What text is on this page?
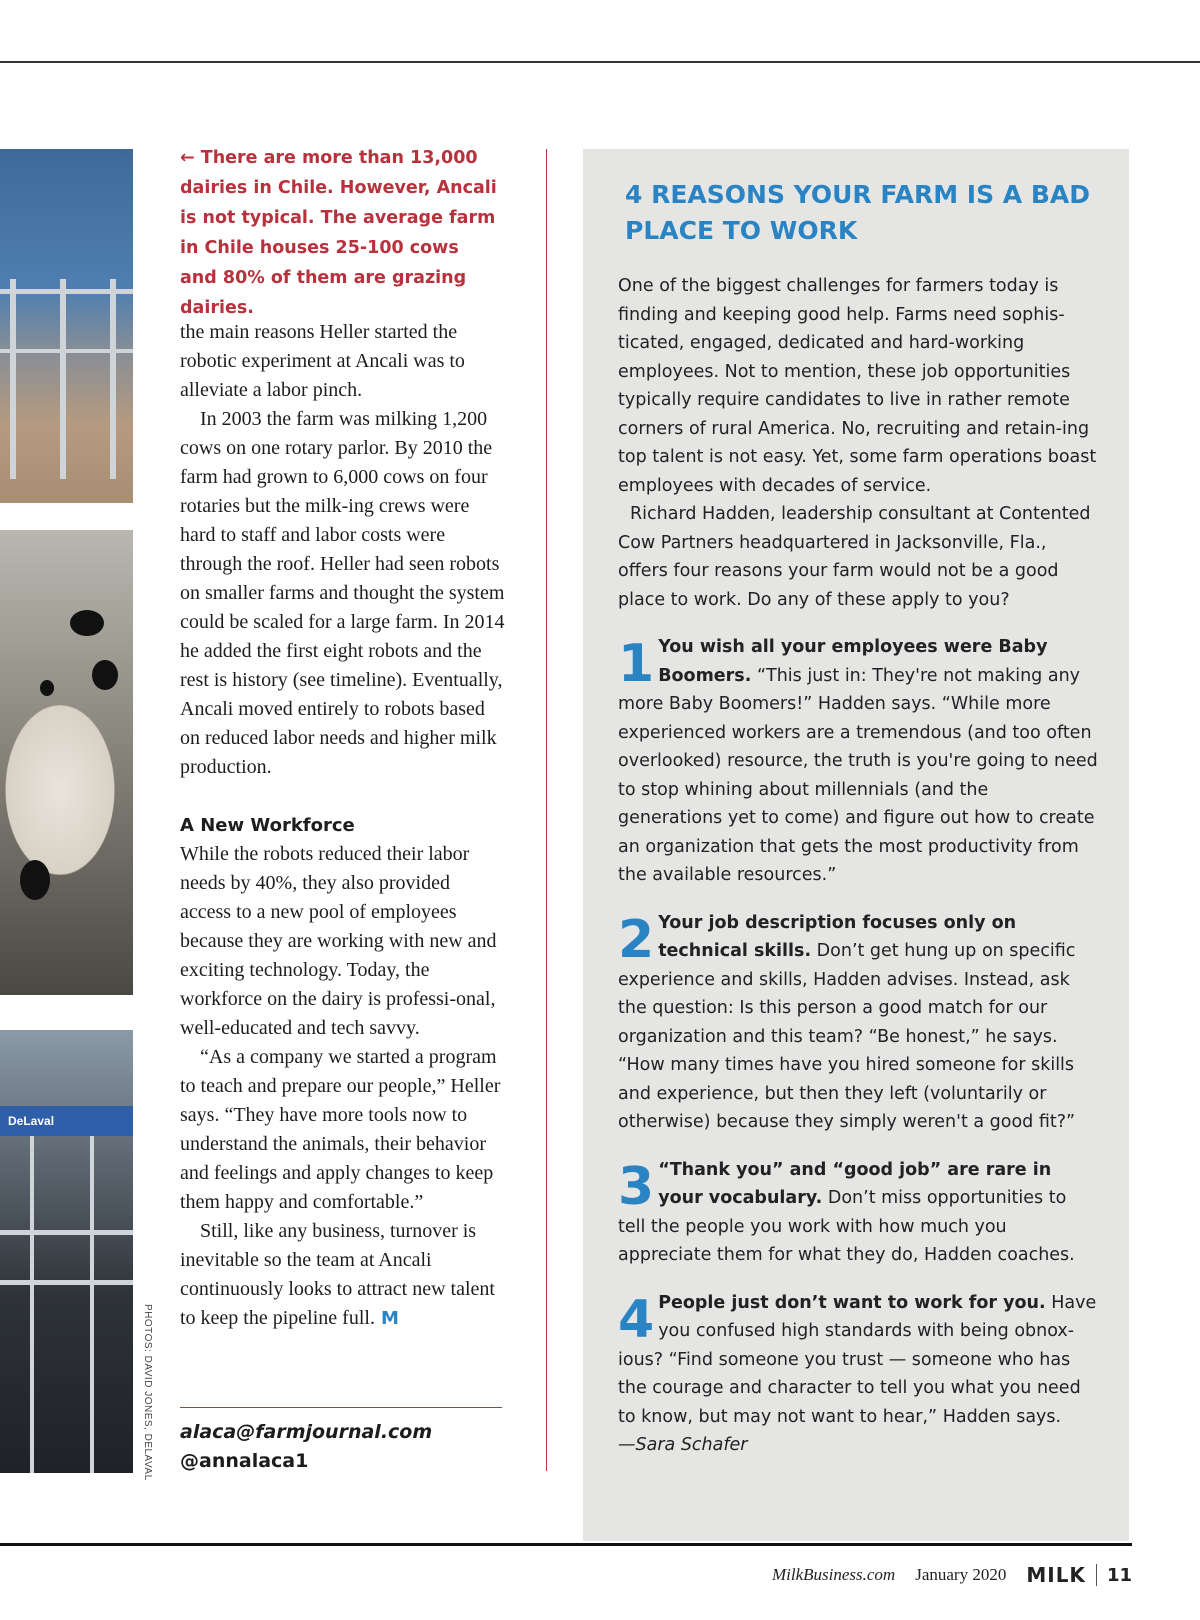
DeLaval
PHOTOS: DAVID JONES, DELAVAL
← There are more than 13,000 dairies in Chile. However, Ancali is not typical. The average farm in Chile houses 25-100 cows and 80% of them are grazing dairies.

the main reasons Heller started the robotic experiment at Ancali was to alleviate a labor pinch.

In 2003 the farm was milking 1,200 cows on one rotary parlor. By 2010 the farm had grown to 6,000 cows on four rotaries but the milk-ing crews were hard to staff and labor costs were through the roof. Heller had seen robots on smaller farms and thought the system could be scaled for a large farm. In 2014 he added the first eight robots and the rest is history (see timeline). Eventually, Ancali moved entirely to robots based on reduced labor needs and higher milk production.

A New Workforce

While the robots reduced their labor needs by 40%, they also provided access to a new pool of employees because they are working with new and exciting technology. Today, the workforce on the dairy is professi-onal, well-educated and tech savvy.

“As a company we started a program to teach and prepare our people,” Heller says. “They have more tools now to understand the animals, their behavior and feelings and apply changes to keep them happy and comfortable.”

Still, like any business, turnover is inevitable so the team at Ancali continuously looks to attract new talent to keep the pipeline full. M

alaca@farmjournal.com
@annalaca1
4 REASONS YOUR FARM IS A BAD PLACE TO WORK

One of the biggest challenges for farmers today is finding and keeping good help. Farms need sophis-ticated, engaged, dedicated and hard-working employees. Not to mention, these job opportunities typically require candidates to live in rather remote corners of rural America. No, recruiting and retain-ing top talent is not easy. Yet, some farm operations boast employees with decades of service.

Richard Hadden, leadership consultant at Contented Cow Partners headquartered in Jacksonville, Fla., offers four reasons your farm would not be a good place to work. Do any of these apply to you?

1 You wish all your employees were Baby Boomers. “This just in: They're not making any more Baby Boomers!” Hadden says. “While more experienced workers are a tremendous (and too often overlooked) resource, the truth is you're going to need to stop whining about millennials (and the generations yet to come) and figure out how to create an organization that gets the most productivity from the available resources.”

2 Your job description focuses only on technical skills. Don’t get hung up on specific experience and skills, Hadden advises. Instead, ask the question: Is this person a good match for our organization and this team? “Be honest,” he says. “How many times have you hired someone for skills and experience, but then they left (voluntarily or otherwise) because they simply weren't a good fit?”

3 “Thank you” and “good job” are rare in your vocabulary. Don’t miss opportunities to tell the people you work with how much you appreciate them for what they do, Hadden coaches.

4 People just don’t want to work for you. Have you confused high standards with being obnox-ious? “Find someone you trust — someone who has the courage and character to tell you what you need to know, but may not want to hear,” Hadden says.

—Sara Schafer

MilkBusiness.com January 2020 MILK 11
